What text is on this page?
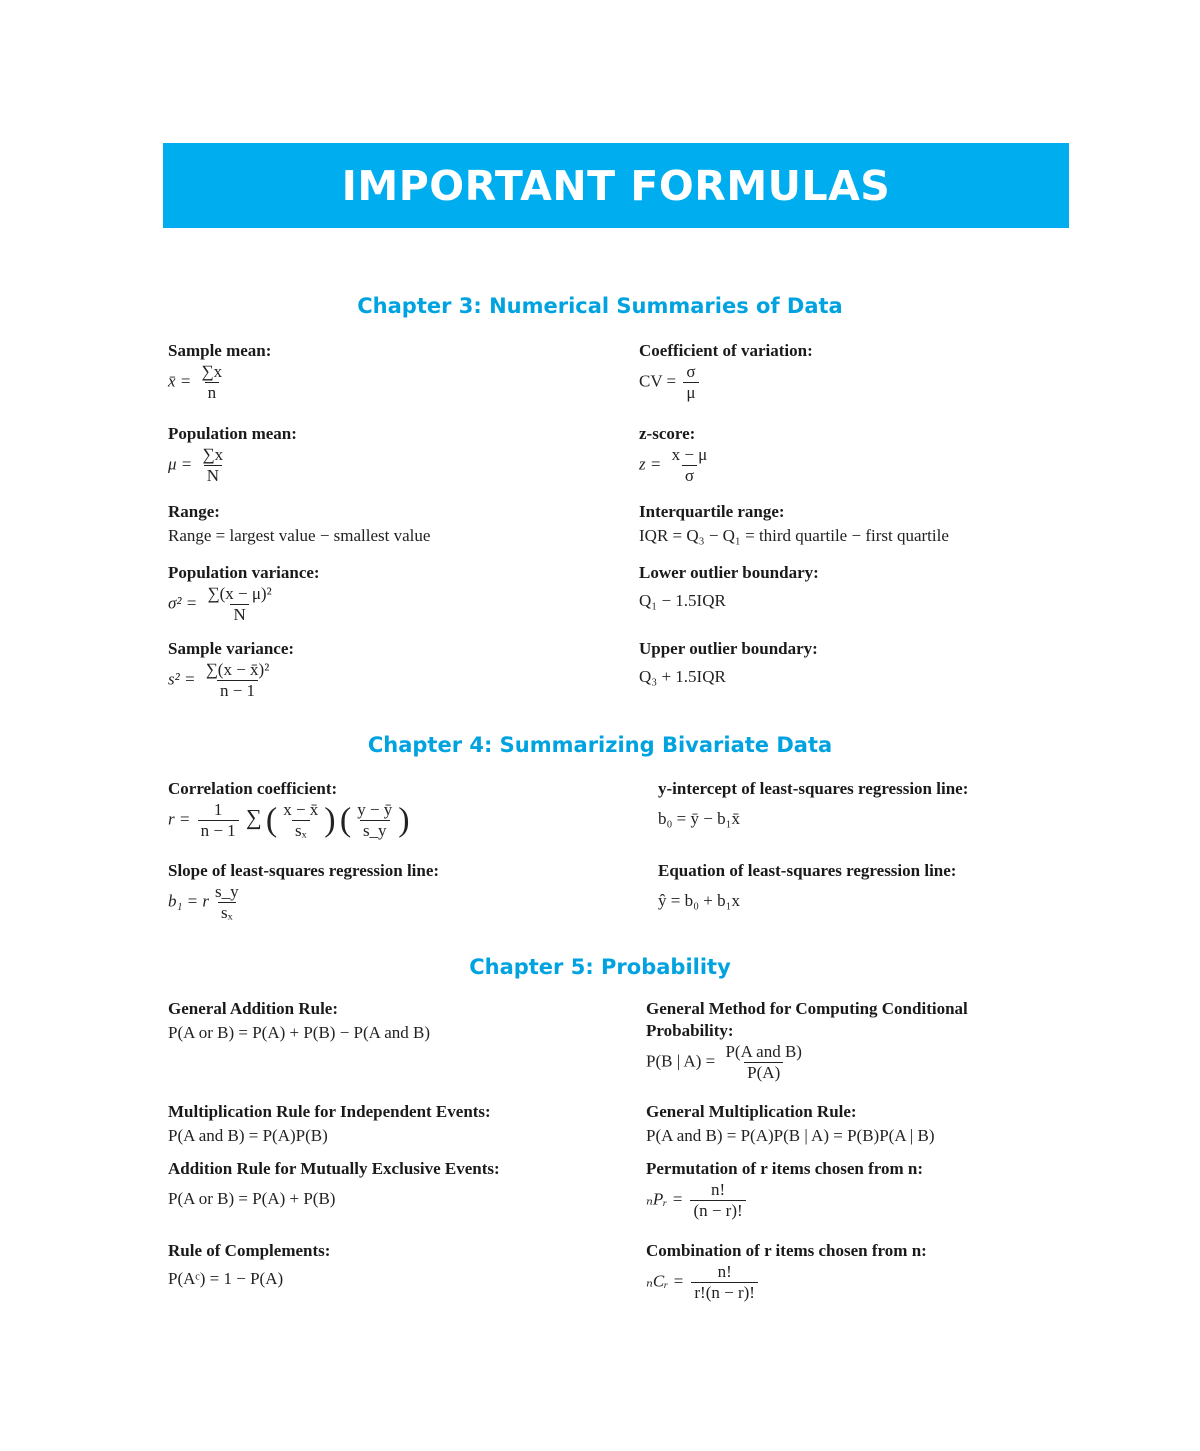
IMPORTANT FORMULAS
Chapter 3: Numerical Summaries of Data
Sample mean:
x̄ = $\frac{\sum x}{n}$
Population mean:
$\mu = \frac{\sum x}{N}$
Range:
Range = largest value − smallest value
Population variance:
$\sigma^2 = \frac{\text{∑(x − μ)²}}{N}$
Sample variance:
$s^2 = \frac{\text{∑(x − x̄)²}}{n - 1}$
Coefficient of variation:
CV = $\frac{\sigma}{\mu}$
z-score:
$z = \frac{x - \mu}{\sigma}$
Interquartile range:
IQR = Q₃ − Q₁ = third quartile − first quartile
Lower outlier boundary:
Q₁ − 1.5IQR
Upper outlier boundary:
Q₃ + 1.5IQR
Chapter 4: Summarizing Bivariate Data
Correlation coefficient:
$r = \frac{1}{n - 1}$ ∑ ( $\frac{x - x̄}{\text{sₓ}}$ ) ( $\frac{y - ȳ}{s\_y}$ )
Slope of least-squares regression line:
b₁ = r $\frac{s\_y}{\text{sₓ}}$
y-intercept of least-squares regression line:
b₀ = ȳ − b₁x̄
Equation of least-squares regression line:
ŷ = b₀ + b₁x
Chapter 5: Probability
General Addition Rule:
P(A or B) = P(A) + P(B) − P(A and B)
Multiplication Rule for Independent Events:
P(A and B) = P(A)P(B)
Addition Rule for Mutually Exclusive Events:
P(A or B) = P(A) + P(B)
Rule of Complements:
P(Aᶜ) = 1 − P(A)
General Method for Computing Conditional Probability:
P(B | $A) = \frac{\text{P(A and B)}}{P(A)}$
General Multiplication Rule:
P(A and B) = P(A)P(B | A) = P(B)P(A | B)
Permutation of r items chosen from n:
ₙPᵣ = $\frac{n!}{(n - r)!}$
Combination of r items chosen from n:
ₙCᵣ = $\frac{n!}{r!(n - r)!}$
